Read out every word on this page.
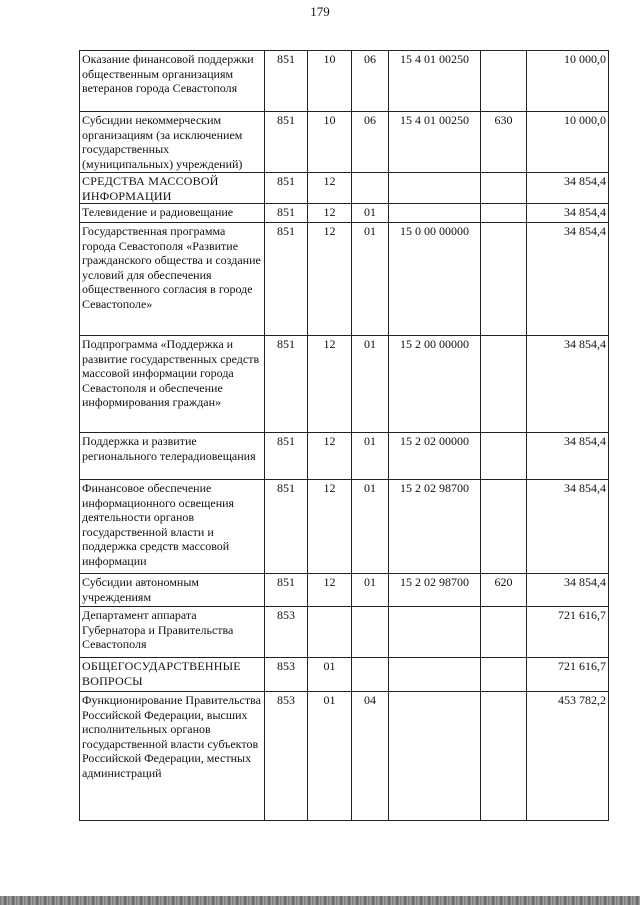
179
Оказание финансовой поддержки общественным организациям ветеранов города Севастополя	851	10	06	15 4 01 00250		10 000,0
Субсидии некоммерческим организациям (за исключением государственных (муниципальных) учреждений)	851	10	06	15 4 01 00250	630	10 000,0
СРЕДСТВА МАССОВОЙ ИНФОРМАЦИИ	851	12				34 854,4
Телевидение и радиовещание	851	12	01			34 854,4
Государственная программа города Севастополя «Развитие гражданского общества и создание условий для обеспечения общественного согласия в городе Севастополе»	851	12	01	15 0 00 00000		34 854,4
Подпрограмма «Поддержка и развитие государственных средств массовой информации города Севастополя и обеспечение информирования граждан»	851	12	01	15 2 00 00000		34 854,4
Поддержка и развитие регионального телерадиовещания	851	12	01	15 2 02 00000		34 854,4
Финансовое обеспечение информационного освещения деятельности органов государственной власти и поддержка средств массовой информации	851	12	01	15 2 02 98700		34 854,4
Субсидии автономным учреждениям	851	12	01	15 2 02 98700	620	34 854,4
Департамент аппарата Губернатора и Правительства Севастополя	853					721 616,7
ОБЩЕГОСУДАРСТВЕННЫЕ ВОПРОСЫ	853	01				721 616,7
Функционирование Правительства Российской Федерации, высших исполнительных органов государственной власти субъектов Российской Федерации, местных администраций	853	01	04			453 782,2
